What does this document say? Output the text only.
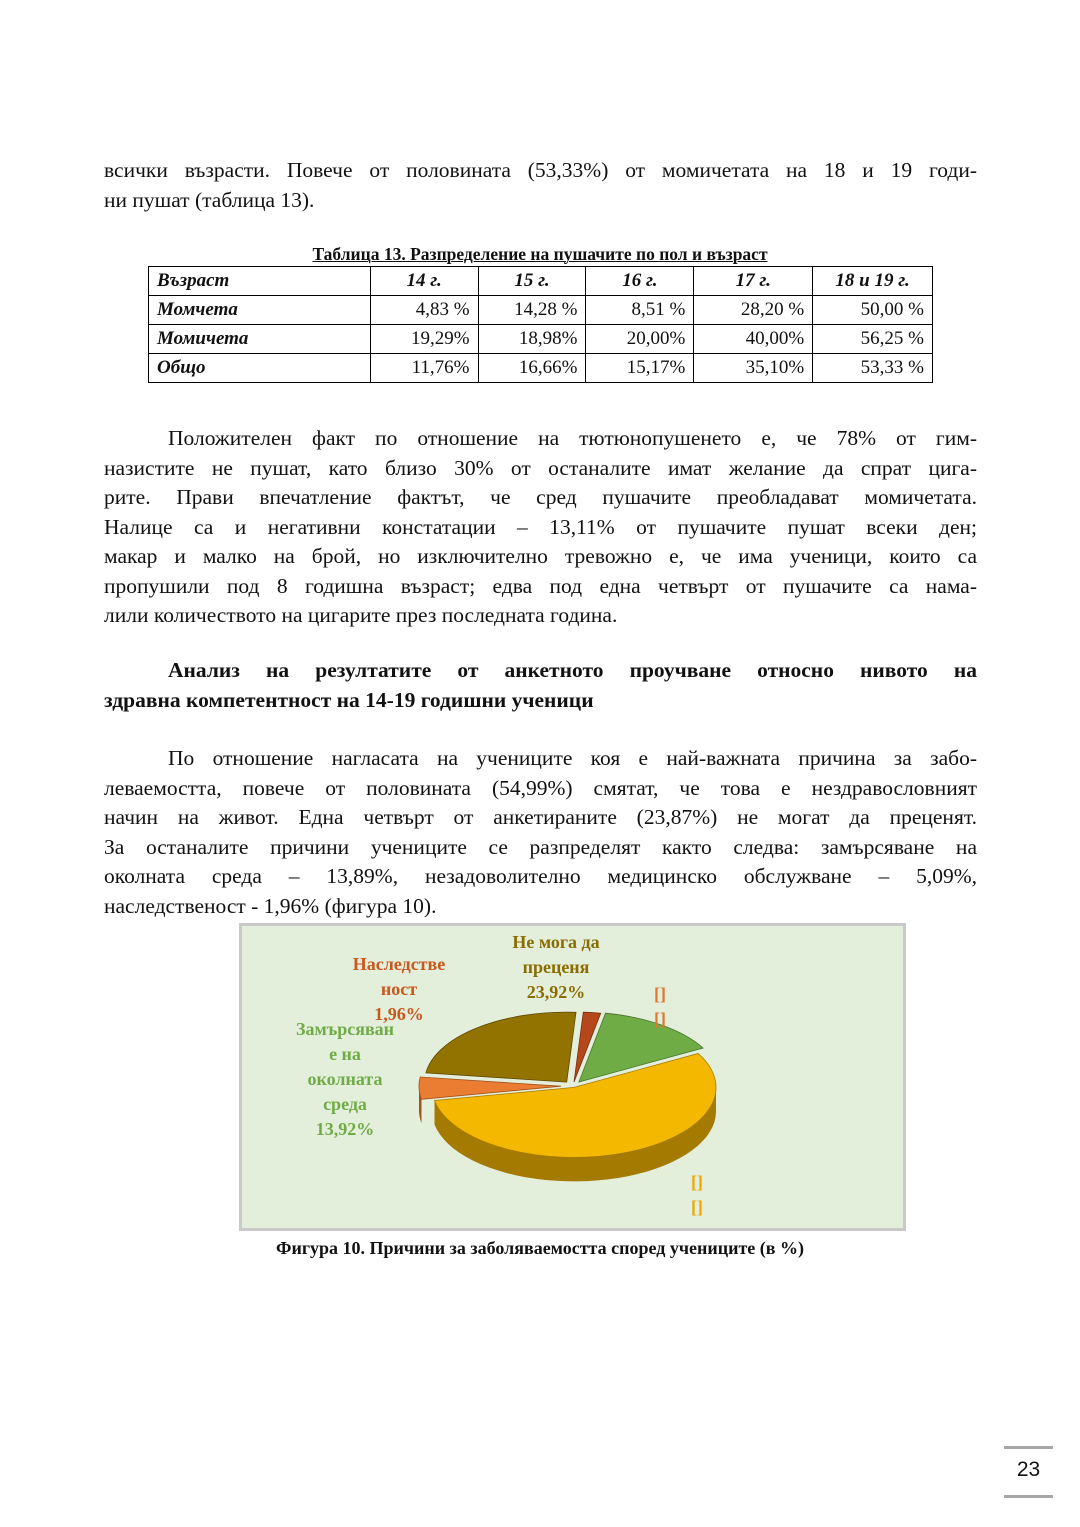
всички възрасти. Повече от половината (53,33%) от момичетата на 18 и 19 годи-
ни пушат (таблица 13).
Таблица 13. Разпределение на пушачите по пол и възраст
Възраст	14 г.	15 г.	16 г.	17 г.	18 и 19 г.
Момчета	4,83 %	14,28 %	8,51 %	28,20 %	50,00 %
Момичета	19,29%	18,98%	20,00%	40,00%	56,25 %
Общо	11,76%	16,66%	15,17%	35,10%	53,33 %
Положителен факт по отношение на тютюнопушенето е, че 78% от гим-
назистите не пушат, като близо 30% от останалите имат желание да спрат цига-
рите. Прави впечатление фактът, че сред пушачите преобладават момичетата.
Налице са и негативни констатации – 13,11% от пушачите пушат всеки ден;
макар и малко на брой, но изключително тревожно е, че има ученици, които са
пропушили под 8 годишна възраст; едва под една четвърт от пушачите са нама-
лили количеството на цигарите през последната година.
Анализ на резултатите от анкетното проучване относно нивото на
здравна компетентност на 14-19 годишни ученици
По отношение нагласата на учениците коя е най-важната причина за забо-
леваемостта, повече от половината (54,99%) смятат, че това е нездравословният
начин на живот. Една четвърт от анкетираните (23,87%) не могат да преценят.
За останалите причини учениците се разпределят както следва: замърсяване на
околната среда – 13,89%, незадоволително медицинско обслужване – 5,09%,
наследственост - 1,96% (фигура 10).
[] []
[] []
Не мога да преценя 23,92%
Наследстве ност 1,96%
Замърсяван е на околната среда 13,92%
Фигура 10. Причини за заболяваемостта според учениците (в %)
23
